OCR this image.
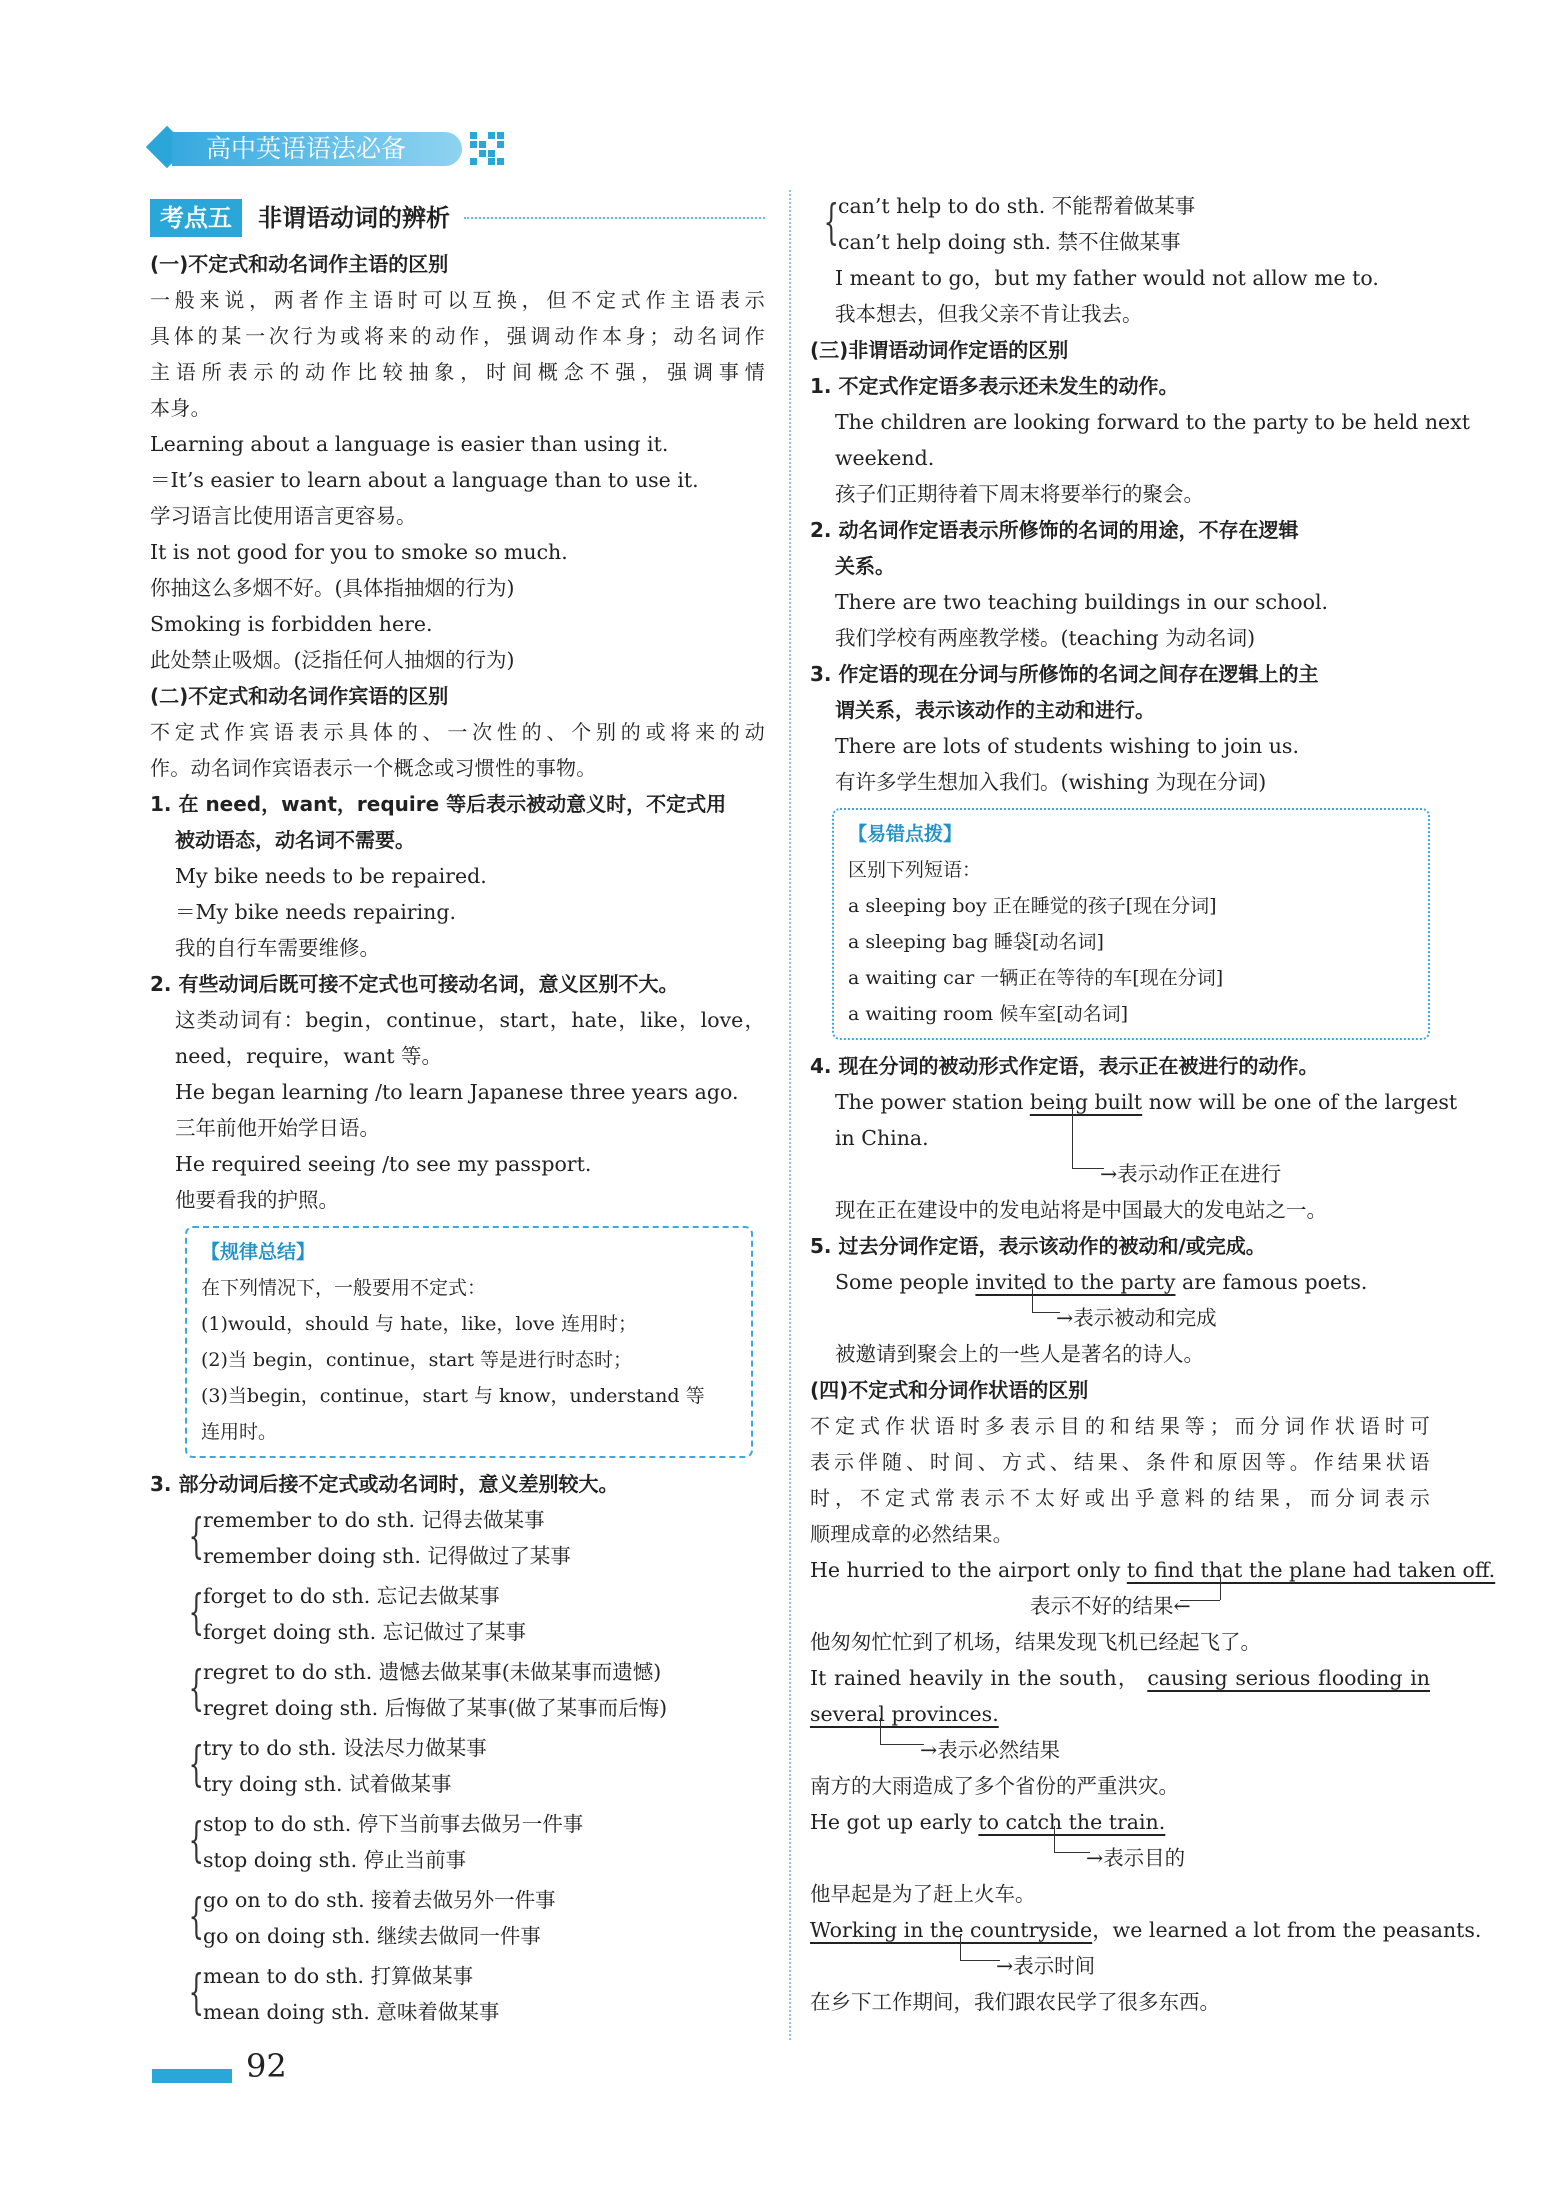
高中英语语法必备
考点五	非谓语动词的辨析
(一)不定式和动名词作主语的区别
一般来说，两者作主语时可以互换，但不定式作主语表示
具体的某一次行为或将来的动作，强调动作本身；动名词作
主语所表示的动作比较抽象，时间概念不强，强调事情
本身。
Learning about a language is easier than using it.
＝It’s easier to learn about a language than to use it.
学习语言比使用语言更容易。
It is not good for you to smoke so much.
你抽这么多烟不好。(具体指抽烟的行为)
Smoking is forbidden here.
此处禁止吸烟。(泛指任何人抽烟的行为)
(二)不定式和动名词作宾语的区别
不定式作宾语表示具体的、一次性的、个别的或将来的动
作。动名词作宾语表示一个概念或习惯性的事物。
1. 在 need，want，require 等后表示被动意义时，不定式用
被动语态，动名词不需要。
My bike needs to be repaired.
＝My bike needs repairing.
我的自行车需要维修。
2. 有些动词后既可接不定式也可接动名词，意义区别不大。
这类动词有：begin，continue，start，hate，like，love，
need，require，want 等。
He began learning /to learn Japanese three years ago.
三年前他开始学日语。
He required seeing /to see my passport.
他要看我的护照。
【规律总结】
在下列情况下，一般要用不定式：
(1)would，should 与 hate，like，love 连用时；
(2)当 begin，continue，start 等是进行时态时；
(3)当begin，continue，start 与 know，understand 等
连用时。
3. 部分动词后接不定式或动名词时，意义差别较大。
{ remember to do sth. 记得去做某事
remember doing sth. 记得做过了某事
{ forget to do sth. 忘记去做某事
forget doing sth. 忘记做过了某事
{ regret to do sth. 遗憾去做某事(未做某事而遗憾)
regret doing sth. 后悔做了某事(做了某事而后悔)
{ try to do sth. 设法尽力做某事
try doing sth. 试着做某事
{ stop to do sth. 停下当前事去做另一件事
stop doing sth. 停止当前事
{ go on to do sth. 接着去做另外一件事
go on doing sth. 继续去做同一件事
{ mean to do sth. 打算做某事
mean doing sth. 意味着做某事
{ can’t help to do sth. 不能帮着做某事
can’t help doing sth. 禁不住做某事
I meant to go，but my father would not allow me to.
我本想去，但我父亲不肯让我去。
(三)非谓语动词作定语的区别
1. 不定式作定语多表示还未发生的动作。
The children are looking forward to the party to be held next
weekend.
孩子们正期待着下周末将要举行的聚会。
2. 动名词作定语表示所修饰的名词的用途，不存在逻辑
关系。
There are two teaching buildings in our school.
我们学校有两座教学楼。(teaching 为动名词)
3. 作定语的现在分词与所修饰的名词之间存在逻辑上的主
谓关系，表示该动作的主动和进行。
There are lots of students wishing to join us.
有许多学生想加入我们。(wishing 为现在分词)
【易错点拨】
区别下列短语：
a sleeping boy 正在睡觉的孩子[现在分词]
a sleeping bag 睡袋[动名词]
a waiting car 一辆正在等待的车[现在分词]
a waiting room 候车室[动名词]
4. 现在分词的被动形式作定语，表示正在被进行的动作。
The power station being built now will be one of the largest
in China.
→表示动作正在进行
现在正在建设中的发电站将是中国最大的发电站之一。
5. 过去分词作定语，表示该动作的被动和/或完成。
Some people invited to the party are famous poets.
→表示被动和完成
被邀请到聚会上的一些人是著名的诗人。
(四)不定式和分词作状语的区别
不定式作状语时多表示目的和结果等；而分词作状语时可
表示伴随、时间、方式、结果、条件和原因等。作结果状语
时，不定式常表示不太好或出乎意料的结果，而分词表示
顺理成章的必然结果。
He hurried to the airport only to find that the plane had taken off.
表示不好的结果←
他匆匆忙忙到了机场，结果发现飞机已经起飞了。
It rained heavily in the south， causing serious flooding in
several provinces.
→表示必然结果
南方的大雨造成了多个省份的严重洪灾。
He got up early to catch the train.
→表示目的
他早起是为了赶上火车。
Working in the countryside，we learned a lot from the peasants.
→表示时间
在乡下工作期间，我们跟农民学了很多东西。
92
